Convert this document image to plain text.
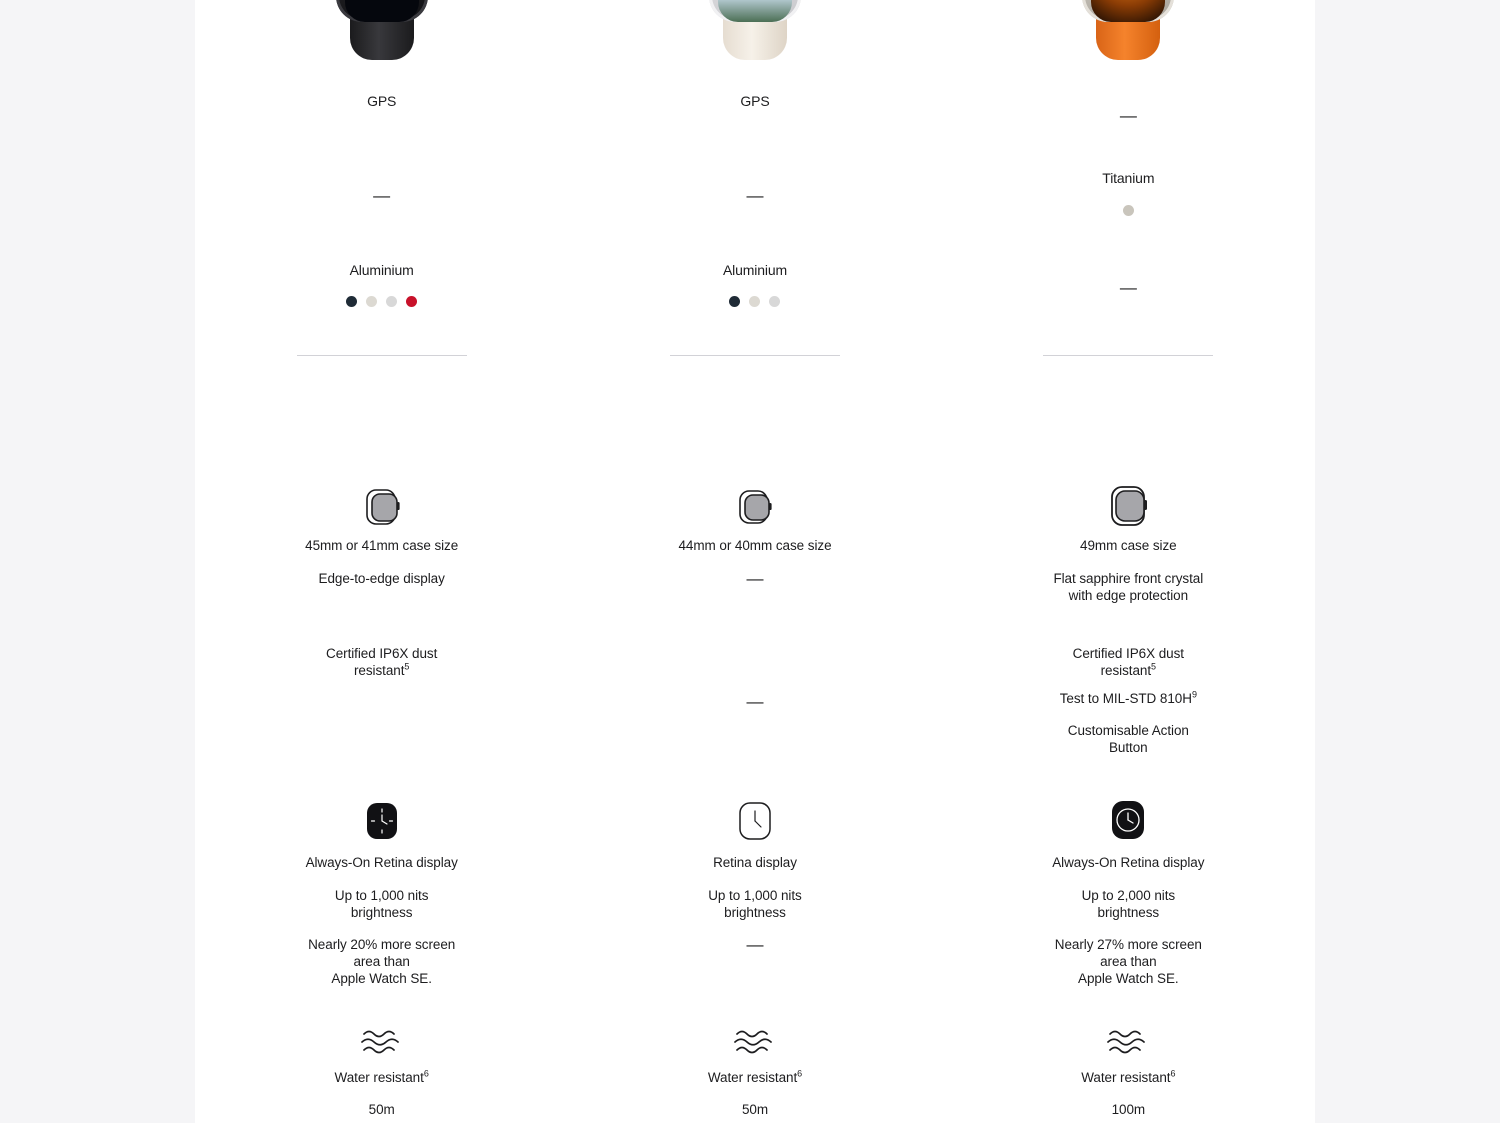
GPS
—
Aluminium
45mm or 41mm case size
Edge-to-edge display
Certified IP6X dust
resistant$^5$
Always-On Retina display
Up to 1,000 nits
brightness
Nearly 20% more screen
area than
Apple Watch SE.
Water resistant$^6$
50m
GPS
—
Aluminium
44mm or 40mm case size
—
—
Retina display
Up to 1,000 nits
brightness
—
Water resistant$^6$
50m
—
Titanium
—
49mm case size
Flat sapphire front crystal
with edge protection
Certified IP6X dust
resistant$^5$
Test to MIL-STD $810H^9$
Customisable Action
Button
Always-On Retina display
Up to 2,000 nits
brightness
Nearly 27% more screen
area than
Apple Watch SE.
Water resistant$^6$
100m
